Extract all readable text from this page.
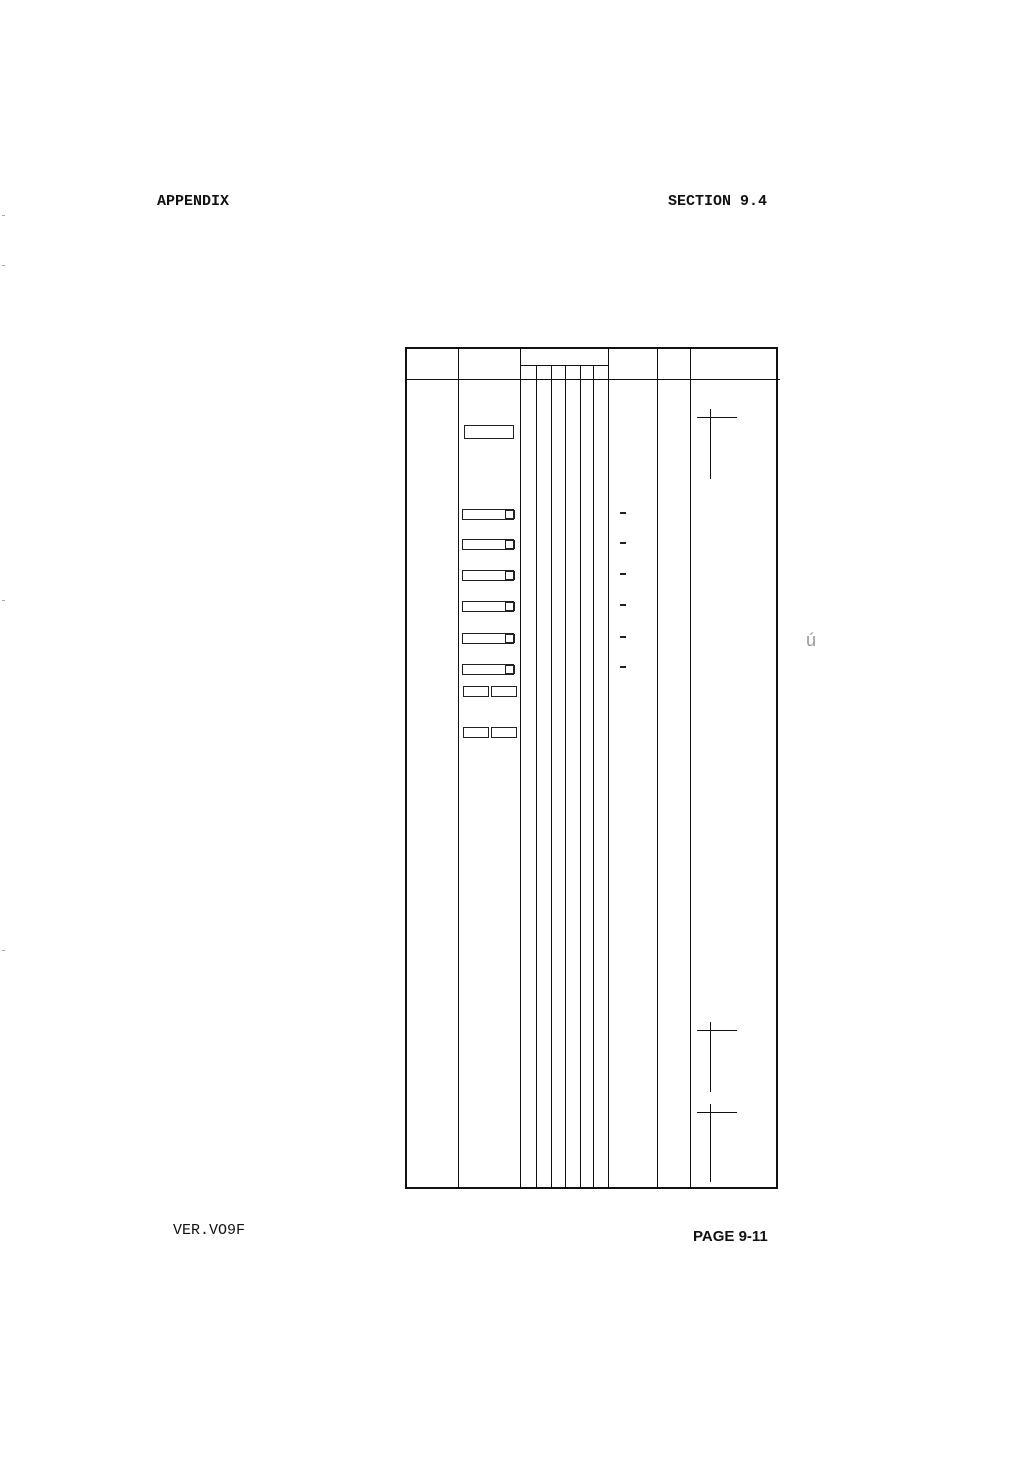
APPENDIX	SECTION 9.4
VER.VO9F	PAGE 9-11
ú
